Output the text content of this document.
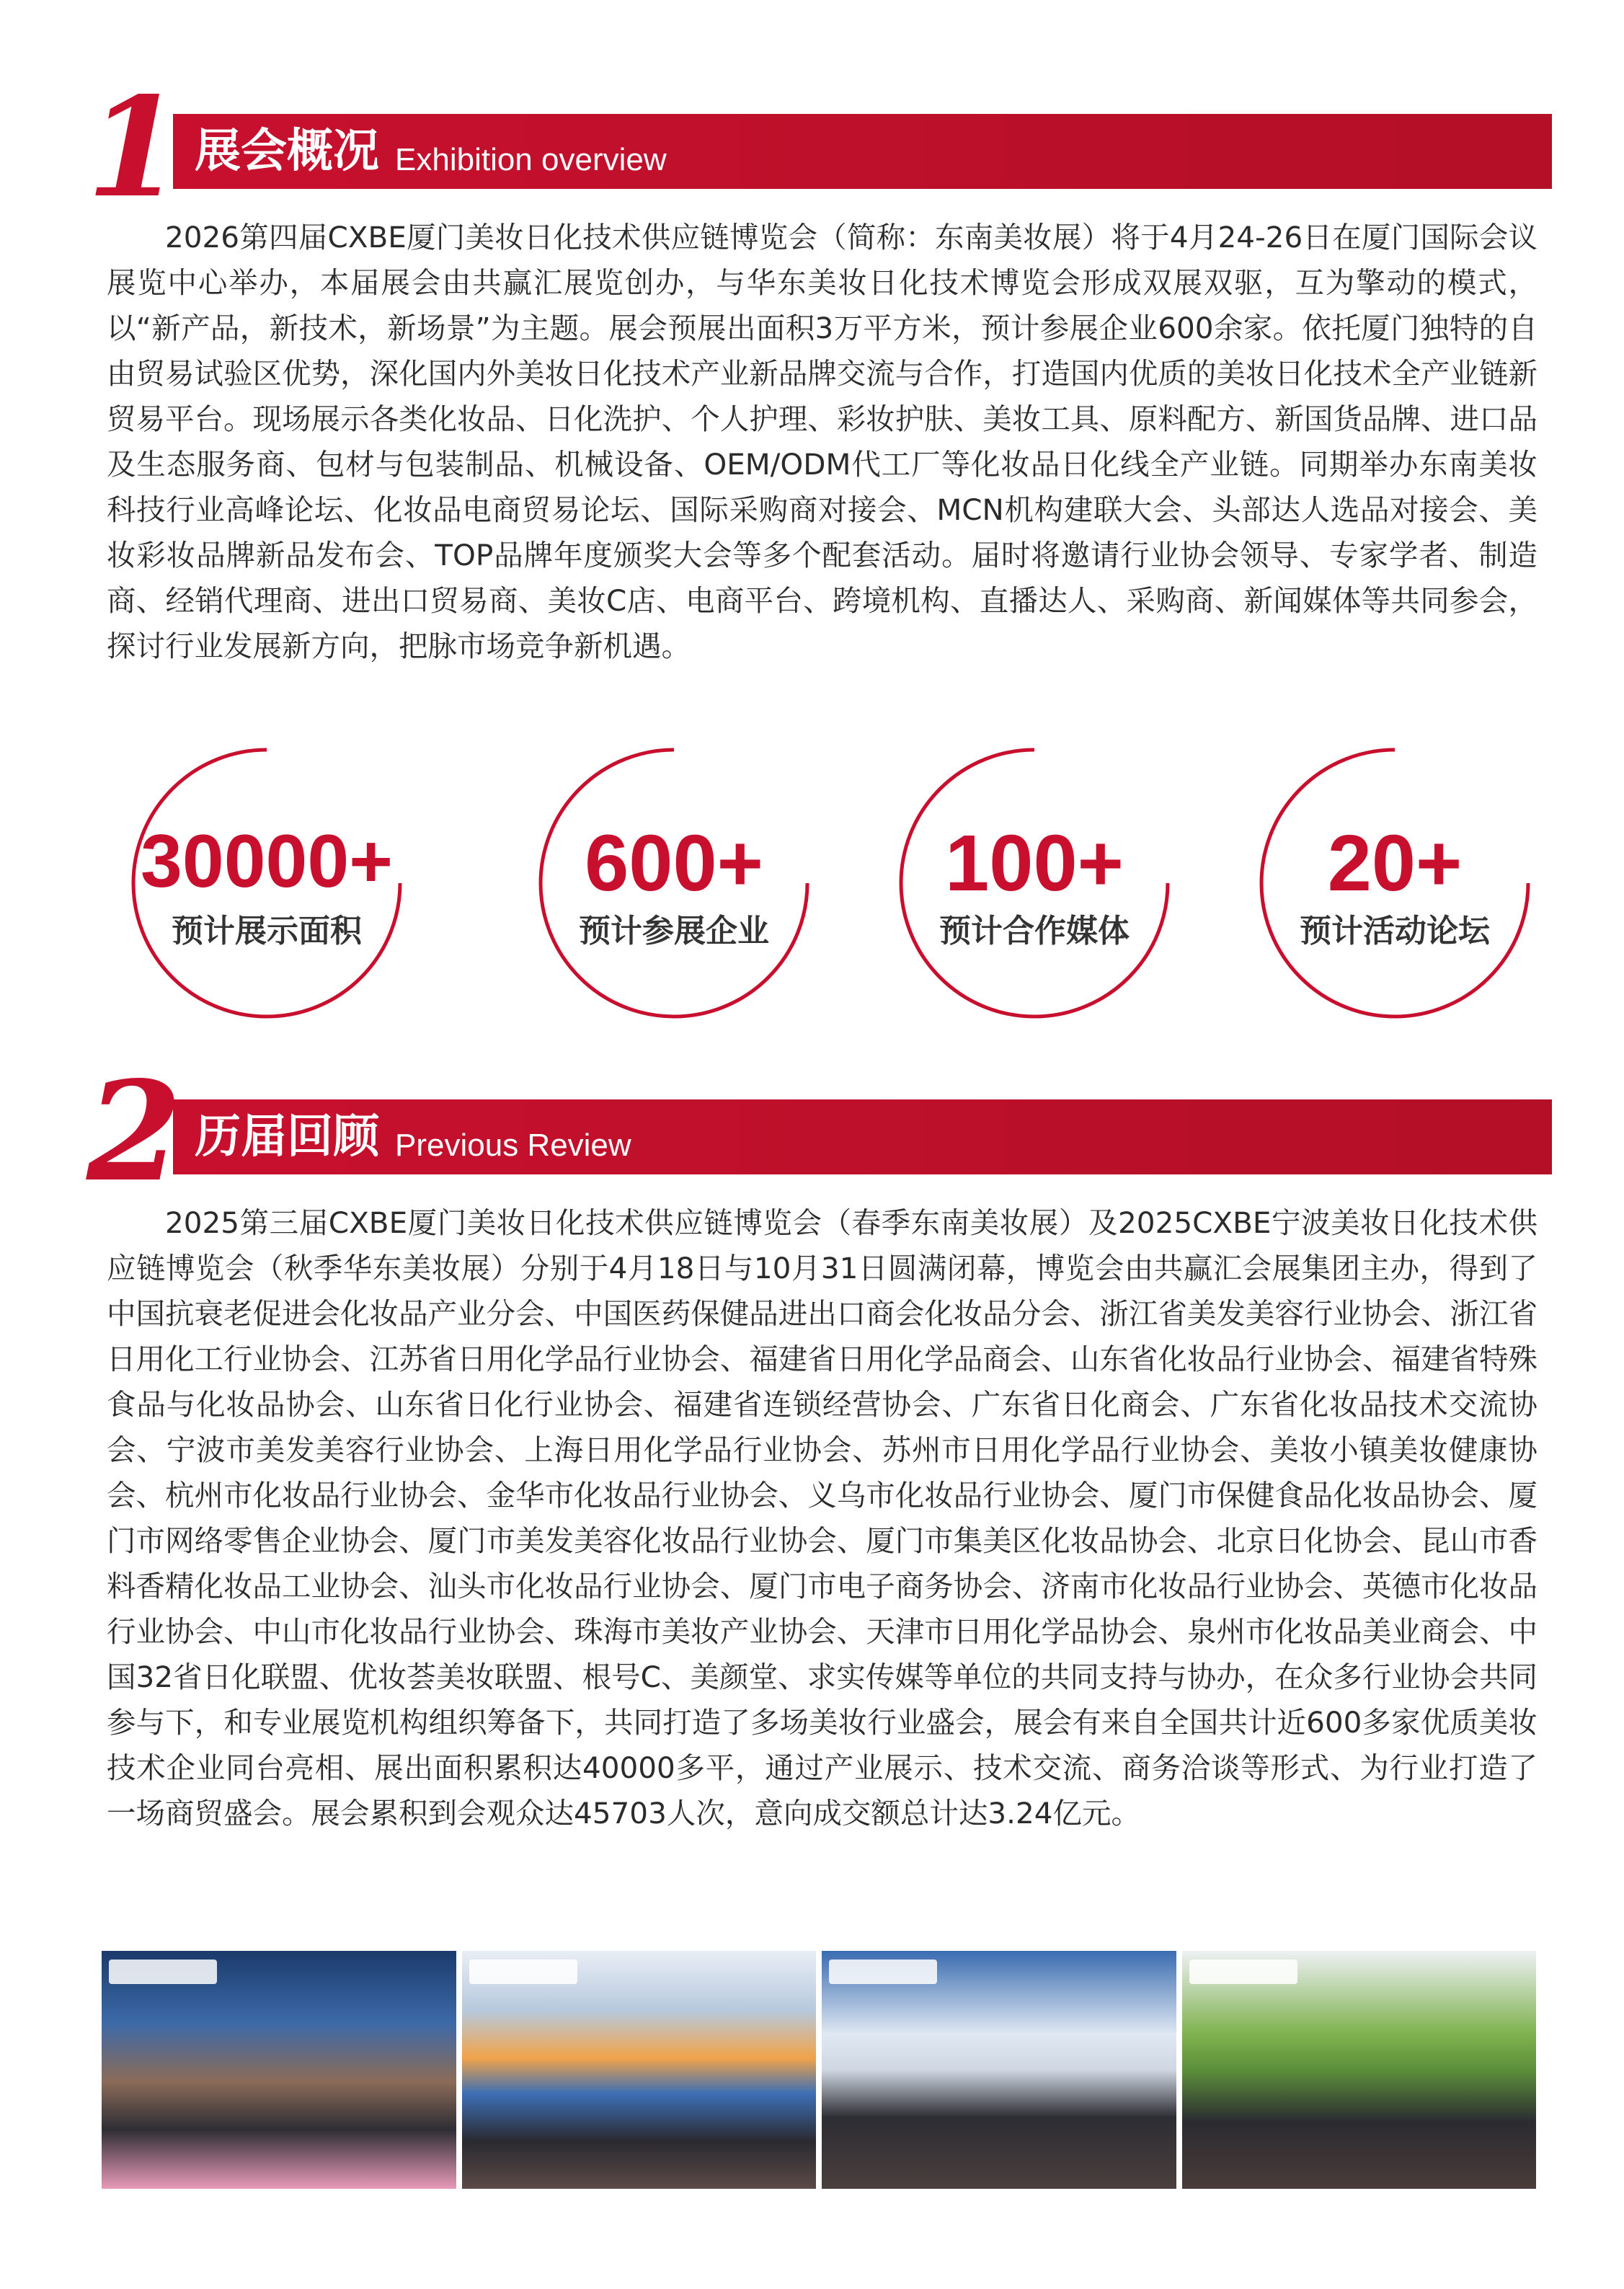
1 展会概况 Exhibition overview

2026第四届CXBE厦门美妆日化技术供应链博览会（简称：东南美妆展）将于4月24-26日在厦门国际会议展览中心举办，本届展会由共赢汇展览创办，与华东美妆日化技术博览会形成双展双驱，互为擎动的模式，以“新产品，新技术，新场景”为主题。展会预展出面积3万平方米，预计参展企业600余家。依托厦门独特的自由贸易试验区优势，深化国内外美妆日化技术产业新品牌交流与合作，打造国内优质的美妆日化技术全产业链新贸易平台。现场展示各类化妆品、日化洗护、个人护理、彩妆护肤、美妆工具、原料配方、新国货品牌、进口品及生态服务商、包材与包装制品、机械设备、OEM/ODM代工厂等化妆品日化线全产业链。同期举办东南美妆科技行业高峰论坛、化妆品电商贸易论坛、国际采购商对接会、MCN机构建联大会、头部达人选品对接会、美妆彩妆品牌新品发布会、TOP品牌年度颁奖大会等多个配套活动。届时将邀请行业协会领导、专家学者、制造商、经销代理商、进出口贸易商、美妆C店、电商平台、跨境机构、直播达人、采购商、新闻媒体等共同参会，探讨行业发展新方向，把脉市场竞争新机遇。

30000+
预计展示面积
600+
预计参展企业
100+
预计合作媒体
20+
预计活动论坛
2 历届回顾 Previous Review

2025第三届CXBE厦门美妆日化技术供应链博览会（春季东南美妆展）及2025CXBE宁波美妆日化技术供应链博览会（秋季华东美妆展）分别于4月18日与10月31日圆满闭幕，博览会由共赢汇会展集团主办，得到了中国抗衰老促进会化妆品产业分会、中国医药保健品进出口商会化妆品分会、浙江省美发美容行业协会、浙江省日用化工行业协会、江苏省日用化学品行业协会、福建省日用化学品商会、山东省化妆品行业协会、福建省特殊食品与化妆品协会、山东省日化行业协会、福建省连锁经营协会、广东省日化商会、广东省化妆品技术交流协会、宁波市美发美容行业协会、上海日用化学品行业协会、苏州市日用化学品行业协会、美妆小镇美妆健康协会、杭州市化妆品行业协会、金华市化妆品行业协会、义乌市化妆品行业协会、厦门市保健食品化妆品协会、厦门市网络零售企业协会、厦门市美发美容化妆品行业协会、厦门市集美区化妆品协会、北京日化协会、昆山市香料香精化妆品工业协会、汕头市化妆品行业协会、厦门市电子商务协会、济南市化妆品行业协会、英德市化妆品行业协会、中山市化妆品行业协会、珠海市美妆产业协会、天津市日用化学品协会、泉州市化妆品美业商会、中国32省日化联盟、优妆荟美妆联盟、根号C、美颜堂、求实传媒等单位的共同支持与协办，在众多行业协会共同参与下，和专业展览机构组织筹备下，共同打造了多场美妆行业盛会，展会有来自全国共计近600多家优质美妆技术企业同台亮相、展出面积累积达40000多平，通过产业展示、技术交流、商务洽谈等形式、为行业打造了一场商贸盛会。展会累积到会观众达45703人次，意向成交额总计达3.24亿元。
